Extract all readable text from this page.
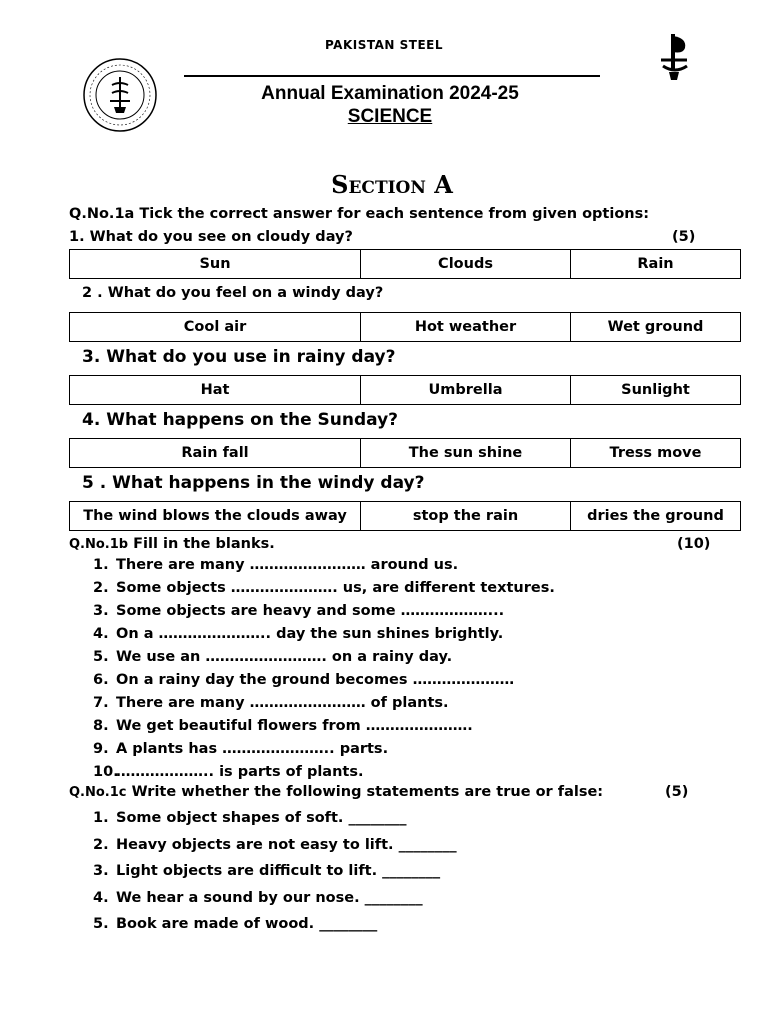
PAKISTAN STEEL
Annual Examination 2024-25
SCIENCE
Section A
Q.No.1a Tick the correct answer for each sentence from given options:
1. What do you see on cloudy day?	(5)
Sun	Clouds	Rain
2 . What do you feel on a windy day?
Cool air	Hot weather	Wet ground
3. What do you use in rainy day?
Hat	Umbrella	Sunlight
4. What happens on the Sunday?
Rain fall	The sun shine	Tress move
5 . What happens in the windy day?
The wind blows the clouds away	stop the rain	dries the ground
Q.No.1b Fill in the blanks.	(10)
1. There are many …………………… around us.
2. Some objects …………………. us, are different textures.
3. Some objects are heavy and some ………………...
4. On a ………………….. day the sun shines brightly.
5. We use an ……………………. on a rainy day.
6. On a rainy day the ground becomes …………………
7. There are many …………………… of plants.
8. We get beautiful flowers from ………………….
9. A plants has ………………….. parts.
10.……………….. is parts of plants.
Q.No.1c Write whether the following statements are true or false:	(5)
1. Some object shapes of soft. ________
2. Heavy objects are not easy to lift. ________
3. Light objects are difficult to lift. ________
4. We hear a sound by our nose. ________
5. Book are made of wood. ________
